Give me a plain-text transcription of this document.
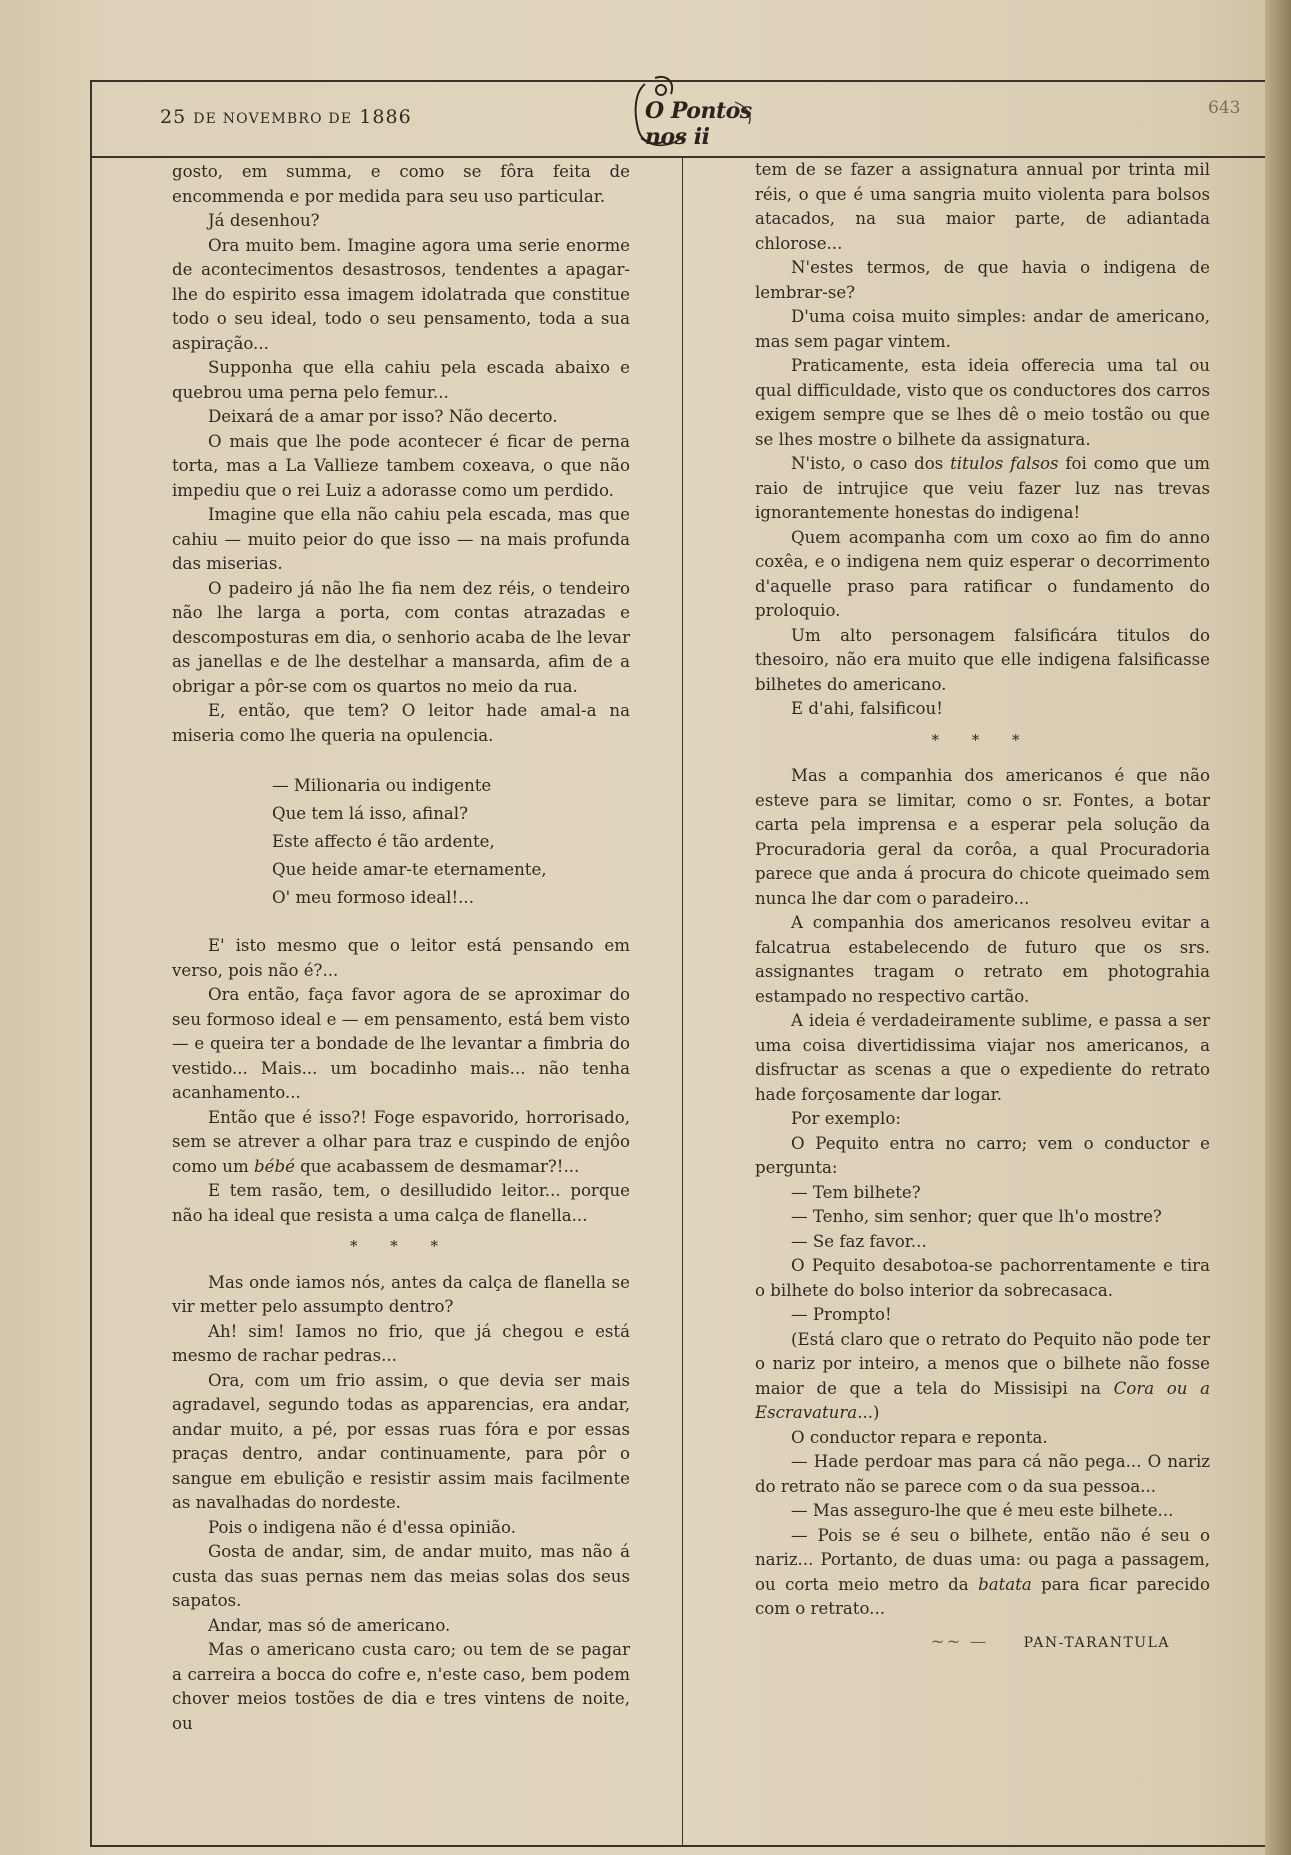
25 DE NOVEMBRO DE 1886	O Pontos nos ii
643

gosto, em summa, e como se fôra feita de encommenda e por medida para seu uso particular.

Já desenhou?

Ora muito bem. Imagine agora uma serie enorme de acontecimentos desastrosos, tendentes a apagar-lhe do espirito essa imagem idolatrada que constitue todo o seu ideal, todo o seu pensamento, toda a sua aspiração...

Supponha que ella cahiu pela escada abaixo e quebrou uma perna pelo femur...

Deixará de a amar por isso? Não decerto.

O mais que lhe pode acontecer é ficar de perna torta, mas a La Vallieze tambem coxeava, o que não impediu que o rei Luiz a adorasse como um perdido.

Imagine que ella não cahiu pela escada, mas que cahiu — muito peior do que isso — na mais profunda das miserias.

O padeiro já não lhe fia nem dez réis, o tendeiro não lhe larga a porta, com contas atrazadas e descomposturas em dia, o senhorio acaba de lhe levar as janellas e de lhe destelhar a mansarda, afim de a obrigar a pôr-se com os quartos no meio da rua.

E, então, que tem? O leitor hade amal-a na miseria como lhe queria na opulencia.

— Milionaria ou indigente

Que tem lá isso, afinal?

Este affecto é tão ardente,

Que heide amar-te eternamente,

O' meu formoso ideal!...

E' isto mesmo que o leitor está pensando em verso, pois não é?...

Ora então, faça favor agora de se aproximar do seu formoso ideal e — em pensamento, está bem visto — e queira ter a bondade de lhe levantar a fimbria do vestido... Mais... um bocadinho mais... não tenha acanhamento...

Então que é isso?! Foge espavorido, horrorisado, sem se atrever a olhar para traz e cuspindo de enjôo como um bébé que acabassem de desmamar?!...

E tem rasão, tem, o desilludido leitor... porque não ha ideal que resista a uma calça de flanella...

* * *

Mas onde iamos nós, antes da calça de flanella se vir metter pelo assumpto dentro?

Ah! sim! Iamos no frio, que já chegou e está mesmo de rachar pedras...

Ora, com um frio assim, o que devia ser mais agradavel, segundo todas as apparencias, era andar, andar muito, a pé, por essas ruas fóra e por essas praças dentro, andar continuamente, para pôr o sangue em ebulição e resistir assim mais facilmente as navalhadas do nordeste.

Pois o indigena não é d'essa opinião.

Gosta de andar, sim, de andar muito, mas não á custa das suas pernas nem das meias solas dos seus sapatos.

Andar, mas só de americano.

Mas o americano custa caro; ou tem de se pagar a carreira a bocca do cofre e, n'este caso, bem podem chover meios tostões de dia e tres vintens de noite, ou

tem de se fazer a assignatura annual por trinta mil réis, o que é uma sangria muito violenta para bolsos atacados, na sua maior parte, de adiantada chlorose...

N'estes termos, de que havia o indigena de lembrar-se?

D'uma coisa muito simples: andar de americano, mas sem pagar vintem.

Praticamente, esta ideia offerecia uma tal ou qual difficuldade, visto que os conductores dos carros exigem sempre que se lhes dê o meio tostão ou que se lhes mostre o bilhete da assignatura.

N'isto, o caso dos titulos falsos foi como que um raio de intrujice que veiu fazer luz nas trevas ignorantemente honestas do indigena!

Quem acompanha com um coxo ao fim do anno coxêa, e o indigena nem quiz esperar o decorrimento d'aquelle praso para ratificar o fundamento do proloquio.

Um alto personagem falsificára titulos do thesoiro, não era muito que elle indigena falsificasse bilhetes do americano.

E d'ahi, falsificou!

* * *

Mas a companhia dos americanos é que não esteve para se limitar, como o sr. Fontes, a botar carta pela imprensa e a esperar pela solução da Procuradoria geral da corôa, a qual Procuradoria parece que anda á procura do chicote queimado sem nunca lhe dar com o paradeiro...

A companhia dos americanos resolveu evitar a falcatrua estabelecendo de futuro que os srs. assignantes tragam o retrato em photograhia estampado no respectivo cartão.

A ideia é verdadeiramente sublime, e passa a ser uma coisa divertidissima viajar nos americanos, a disfructar as scenas a que o expediente do retrato hade forçosamente dar logar.

Por exemplo:

O Pequito entra no carro; vem o conductor e pergunta:

— Tem bilhete?

— Tenho, sim senhor; quer que lh'o mostre?

— Se faz favor...

O Pequito desabotoa-se pachorrentamente e tira o bilhete do bolso interior da sobrecasaca.

— Prompto!

(Está claro que o retrato do Pequito não pode ter o nariz por inteiro, a menos que o bilhete não fosse maior de que a tela do Missisipi na Cora ou a Escravatura...)

O conductor repara e reponta.

— Hade perdoar mas para cá não pega... O nariz do retrato não se parece com o da sua pessoa...

— Mas asseguro-lhe que é meu este bilhete...

— Pois se é seu o bilhete, então não é seu o nariz... Portanto, de duas uma: ou paga a passagem, ou corta meio metro da batata para ficar parecido com o retrato...

~~ —	PAN-TARANTULA
